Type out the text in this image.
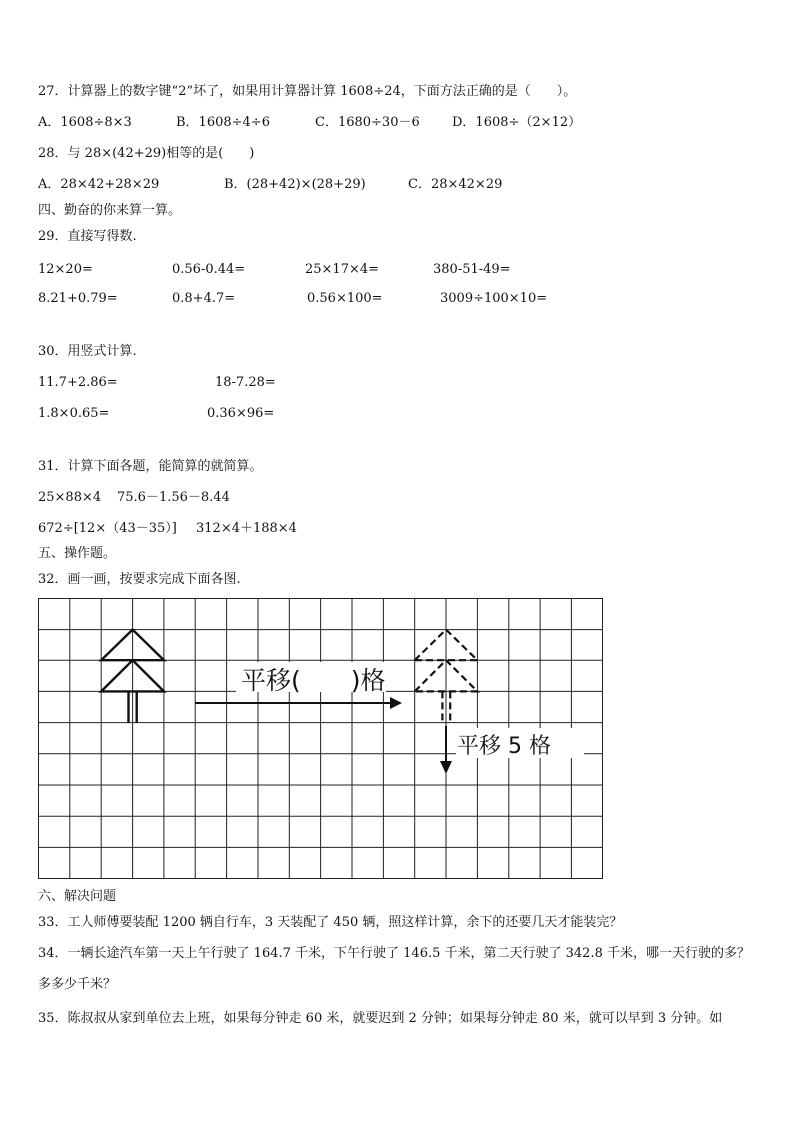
27．计算器上的数字键“2”坏了，如果用计算器计算 1608÷24，下面方法正确的是（　　）。
A．1608÷8×3	B．1608÷4÷6	C．1680÷30－6 D．1608÷（2×12）
28．与 28×(42+29)相等的是(　　)
A．28×42+28×29	B．(28+42)×(28+29)	C．28×42×29
四、勤奋的你来算一算。
29．直接写得数.
12×20=	0.56-0.44=	25×17×4=	380-51-49=
8.21+0.79=	0.8+4.7=	0.56×100=	3009÷100×10=
30．用竖式计算.
11.7+2.86=	18-7.28=
1.8×0.65=	0.36×96=
31．计算下面各题，能简算的就简算。
25×88×4 75.6－1.56－8.44
672÷[12×（43－35）] 312×4＋188×4
五、操作题。
32．画一画，按要求完成下面各图.
平移(　　)格
平移 5 格
六、解决问题
33．工人师傅要装配 1200 辆自行车，3 天装配了 450 辆，照这样计算，余下的还要几天才能装完？
34．一辆长途汽车第一天上午行驶了 164.7 千米，下午行驶了 146.5 千米，第二天行驶了 342.8 千米，哪一天行驶的多？
多多少千米？
35．陈叔叔从家到单位去上班，如果每分钟走 60 米，就要迟到 2 分钟；如果每分钟走 80 米，就可以早到 3 分钟。如
